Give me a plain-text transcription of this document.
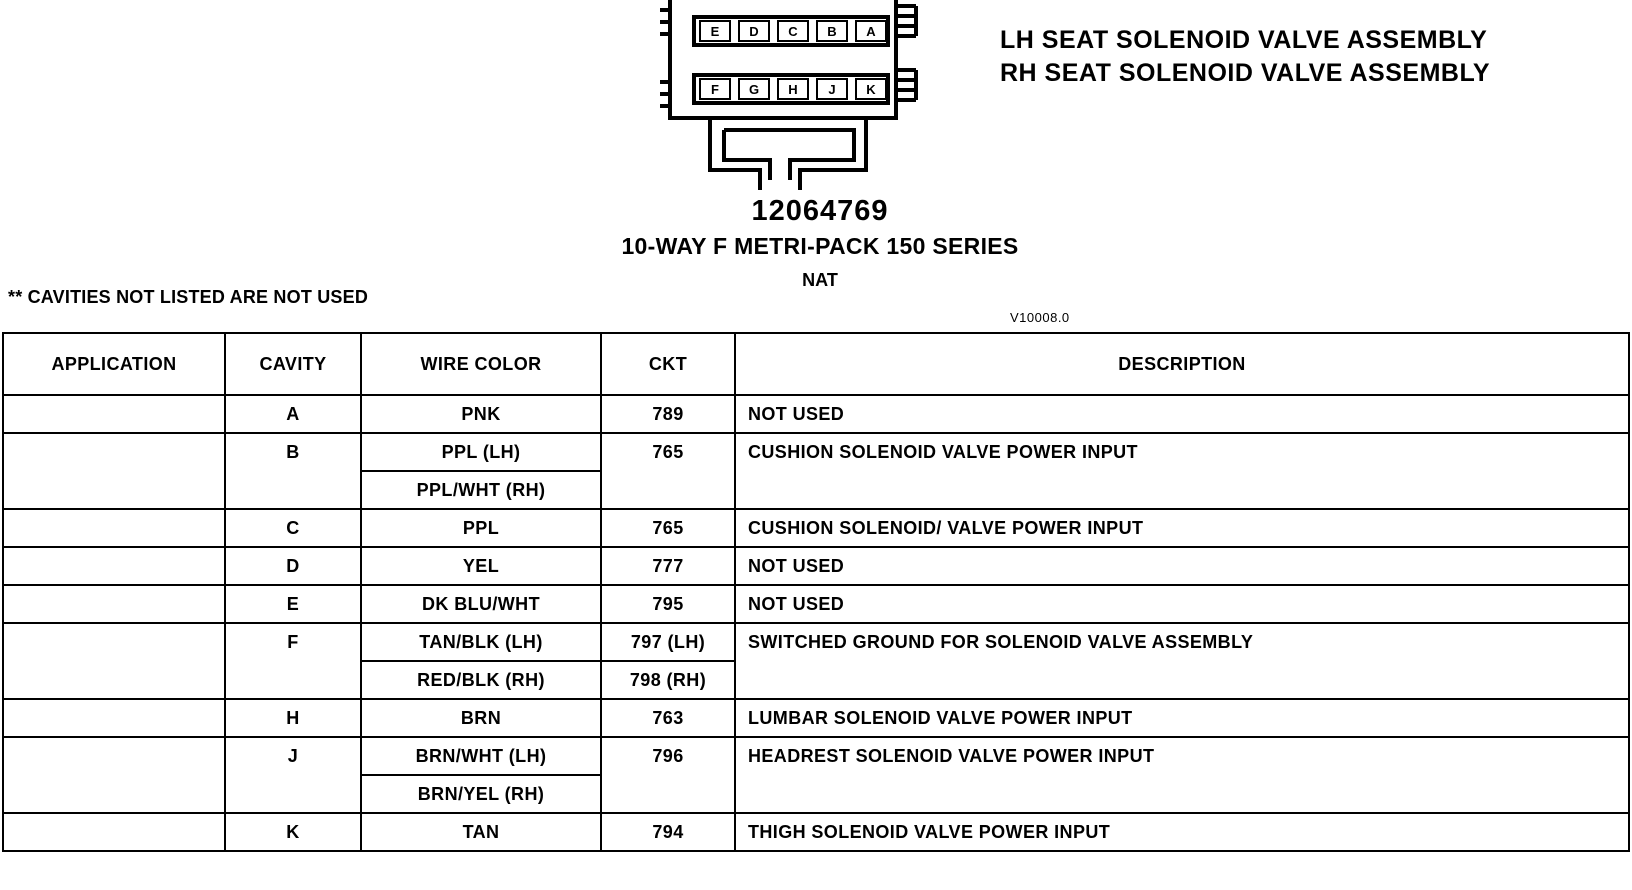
E D C B A
F G H J K
LH SEAT SOLENOID VALVE ASSEMBLY
RH SEAT SOLENOID VALVE ASSEMBLY
12064769
10-WAY F METRI-PACK 150 SERIES
NAT
** CAVITIES NOT LISTED ARE NOT USED
V10008.0
APPLICATION	CAVITY	WIRE COLOR	CKT	DESCRIPTION
	A	PNK	789	NOT USED
	B	PPL (LH)	765	CUSHION SOLENOID VALVE POWER INPUT
		PPL/WHT (RH)		
	C	PPL	765	CUSHION SOLENOID/ VALVE POWER INPUT
	D	YEL	777	NOT USED
	E	DK BLU/WHT	795	NOT USED
	F	TAN/BLK (LH)	797 (LH)	SWITCHED GROUND FOR SOLENOID VALVE ASSEMBLY
		RED/BLK (RH)	798 (RH)	
	H	BRN	763	LUMBAR SOLENOID VALVE POWER INPUT
	J	BRN/WHT (LH)	796	HEADREST SOLENOID VALVE POWER INPUT
		BRN/YEL (RH)		
	K	TAN	794	THIGH SOLENOID VALVE POWER INPUT
